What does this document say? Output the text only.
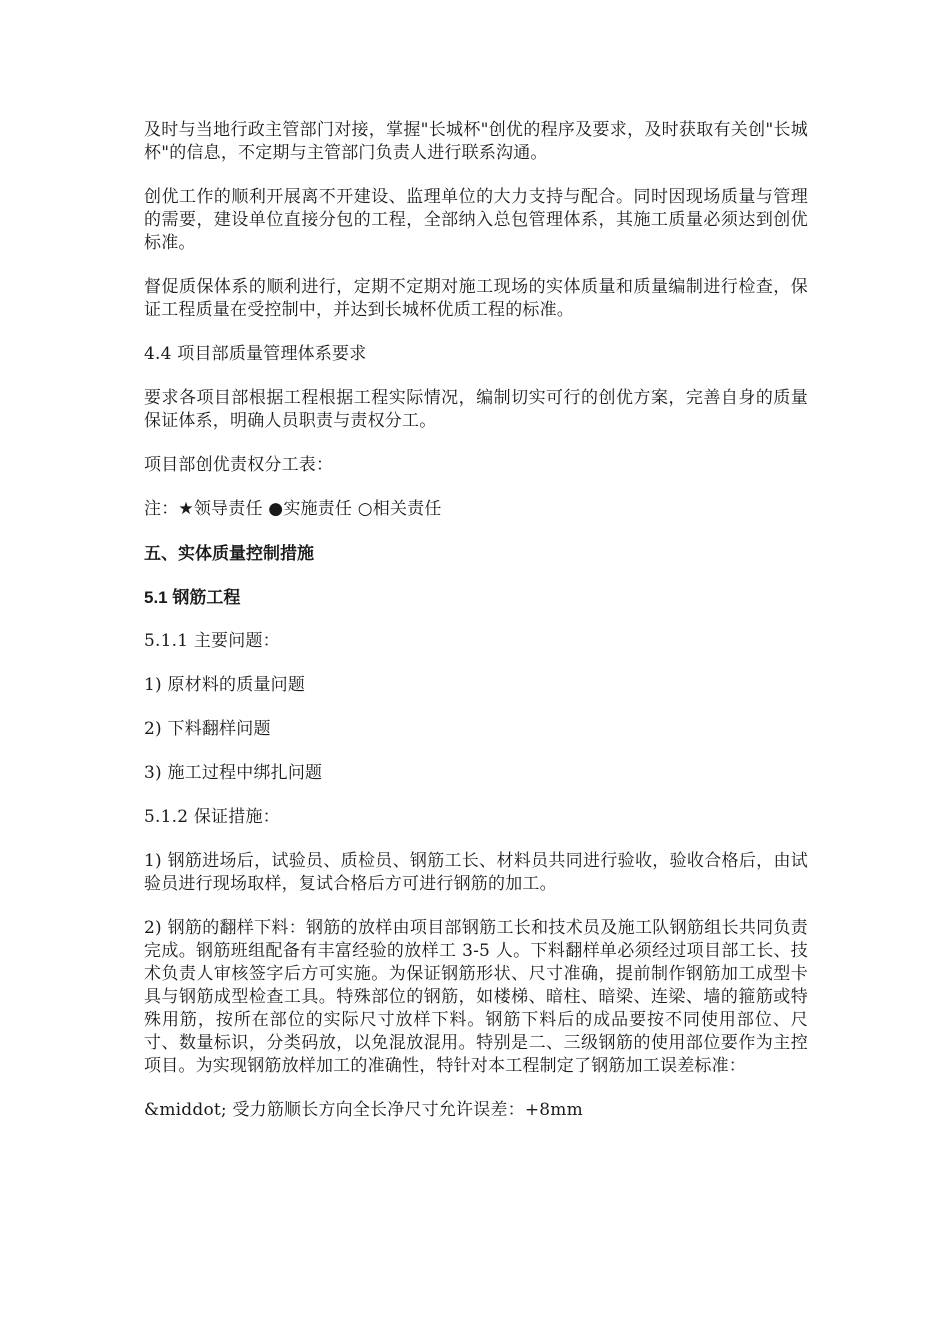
及时与当地行政主管部门对接，掌握"长城杯"创优的程序及要求，及时获取有关创"长城杯"的信息，不定期与主管部门负责人进行联系沟通。

创优工作的顺利开展离不开建设、监理单位的大力支持与配合。同时因现场质量与管理的需要，建设单位直接分包的工程，全部纳入总包管理体系，其施工质量必须达到创优标准。

督促质保体系的顺利进行，定期不定期对施工现场的实体质量和质量编制进行检查，保证工程质量在受控制中，并达到长城杯优质工程的标准。

4.4 项目部质量管理体系要求

要求各项目部根据工程根据工程实际情况，编制切实可行的创优方案，完善自身的质量保证体系，明确人员职责与责权分工。

项目部创优责权分工表：

注：★领导责任 ●实施责任 ○相关责任

五、实体质量控制措施

5.1 钢筋工程

5.1.1 主要问题：

1) 原材料的质量问题

2) 下料翻样问题

3) 施工过程中绑扎问题

5.1.2 保证措施：

1) 钢筋进场后，试验员、质检员、钢筋工长、材料员共同进行验收，验收合格后，由试验员进行现场取样，复试合格后方可进行钢筋的加工。

2) 钢筋的翻样下料：钢筋的放样由项目部钢筋工长和技术员及施工队钢筋组长共同负责完成。钢筋班组配备有丰富经验的放样工 3-5 人。下料翻样单必须经过项目部工长、技术负责人审核签字后方可实施。为保证钢筋形状、尺寸准确，提前制作钢筋加工成型卡具与钢筋成型检查工具。特殊部位的钢筋，如楼梯、暗柱、暗梁、连梁、墙的箍筋或特殊用筋，按所在部位的实际尺寸放样下料。钢筋下料后的成品要按不同使用部位、尺寸、数量标识，分类码放，以免混放混用。特别是二、三级钢筋的使用部位要作为主控项目。为实现钢筋放样加工的准确性，特针对本工程制定了钢筋加工误差标准：

&middot; 受力筋顺长方向全长净尺寸允许误差：+8mm
